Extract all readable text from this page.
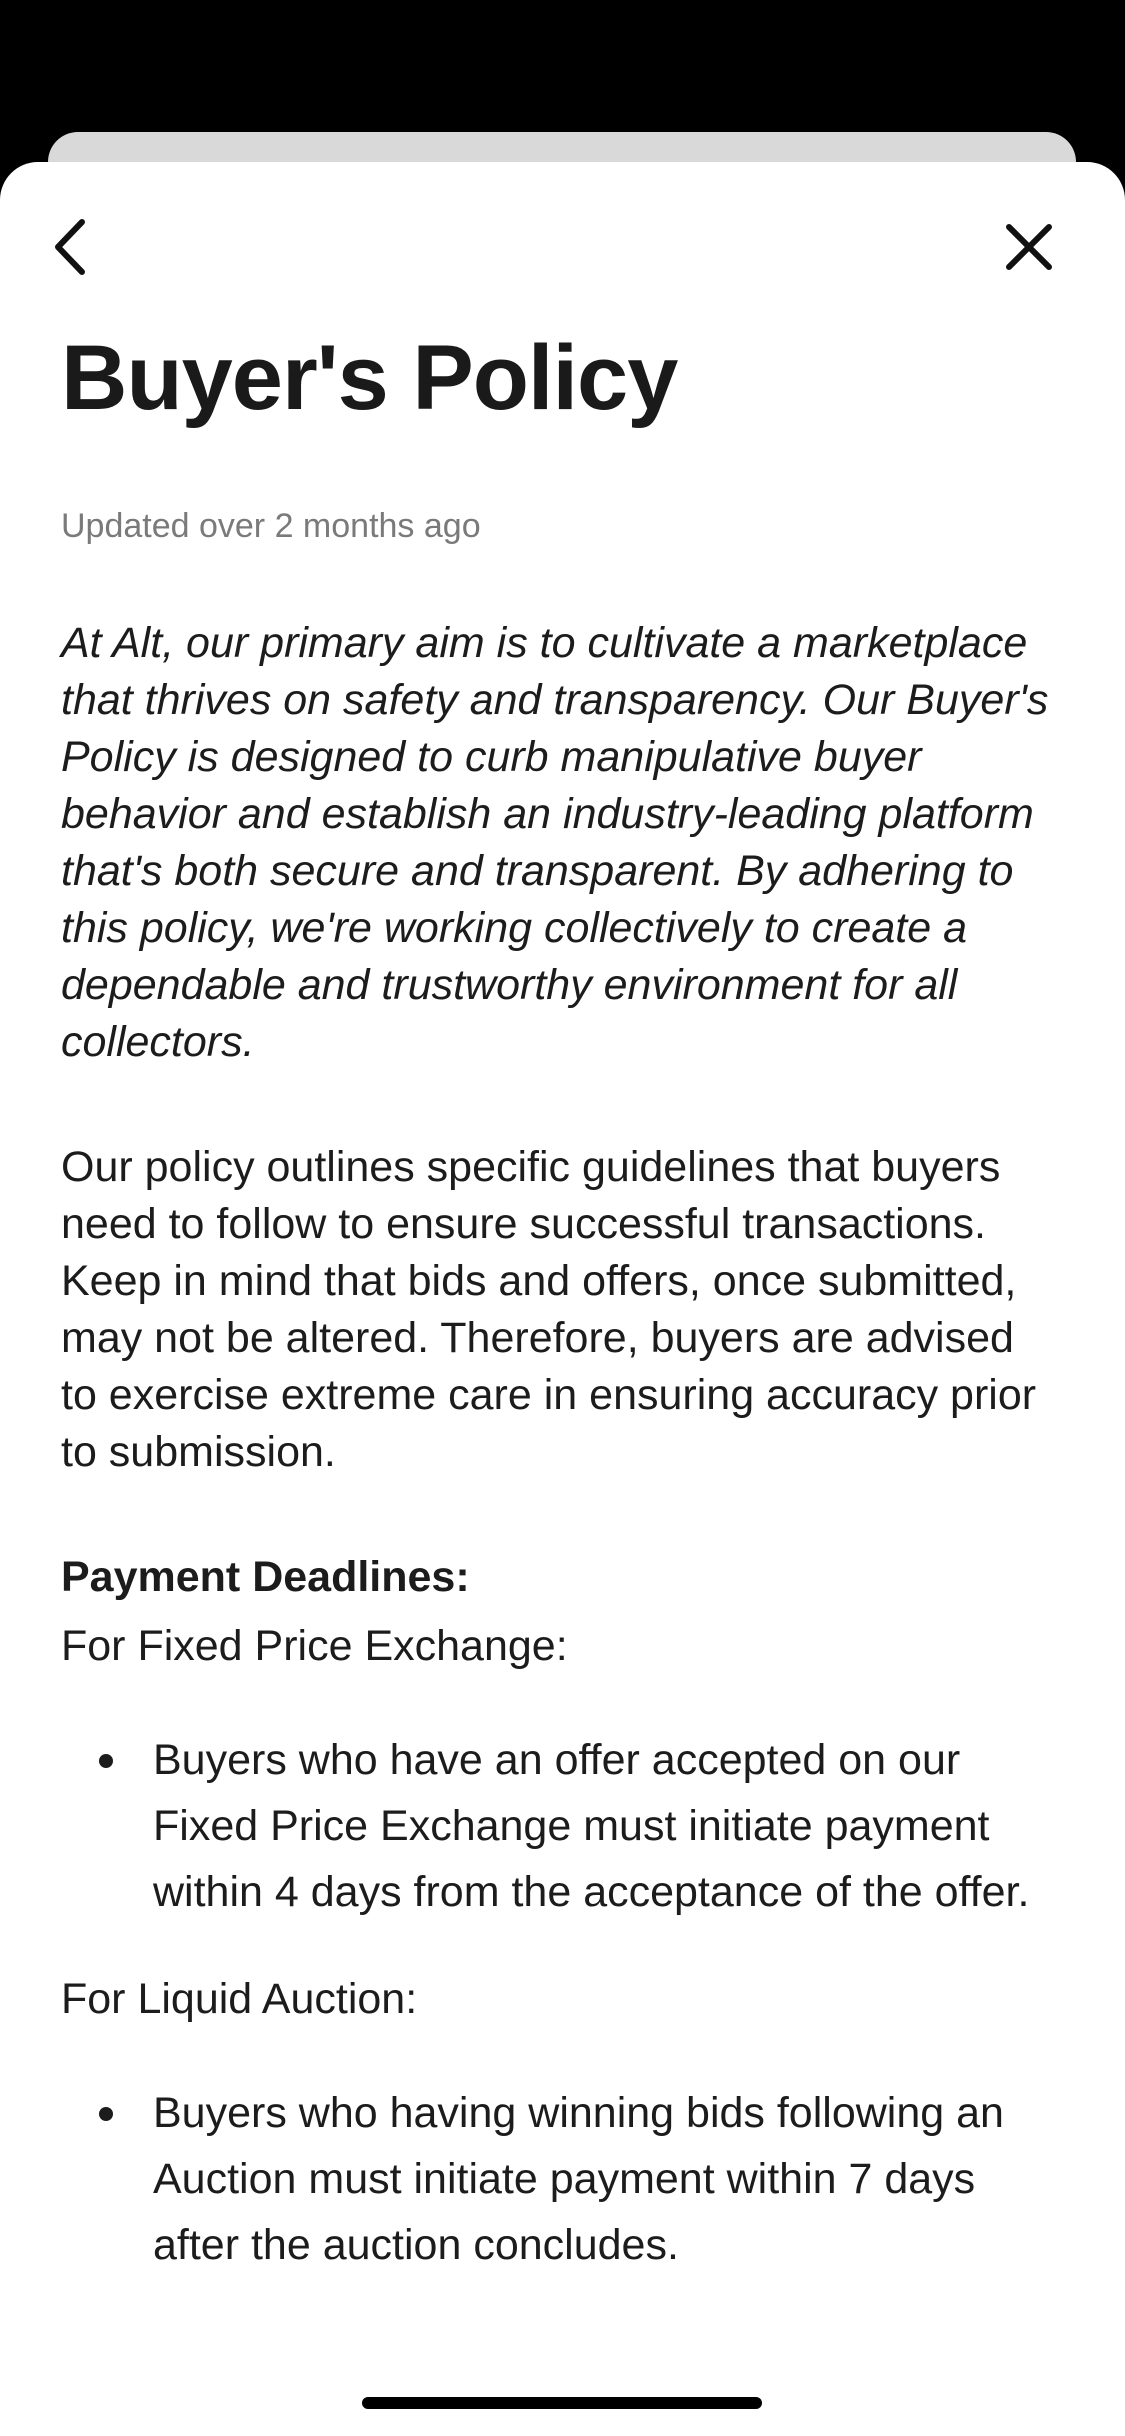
Buyer's Policy
Updated over 2 months ago
At Alt, our primary aim is to cultivate a marketplace that thrives on safety and transparency. Our Buyer's Policy is designed to curb manipulative buyer behavior and establish an industry-leading platform that's both secure and transparent. By adhering to this policy, we're working collectively to create a dependable and trustworthy environment for all collectors.
Our policy outlines specific guidelines that buyers need to follow to ensure successful transactions. Keep in mind that bids and offers, once submitted, may not be altered. Therefore, buyers are advised to exercise extreme care in ensuring accuracy prior to submission.
Payment Deadlines:
For Fixed Price Exchange:
Buyers who have an offer accepted on our Fixed Price Exchange must initiate payment within 4 days from the acceptance of the offer.
For Liquid Auction:
Buyers who having winning bids following an Auction must initiate payment within 7 days after the auction concludes.
